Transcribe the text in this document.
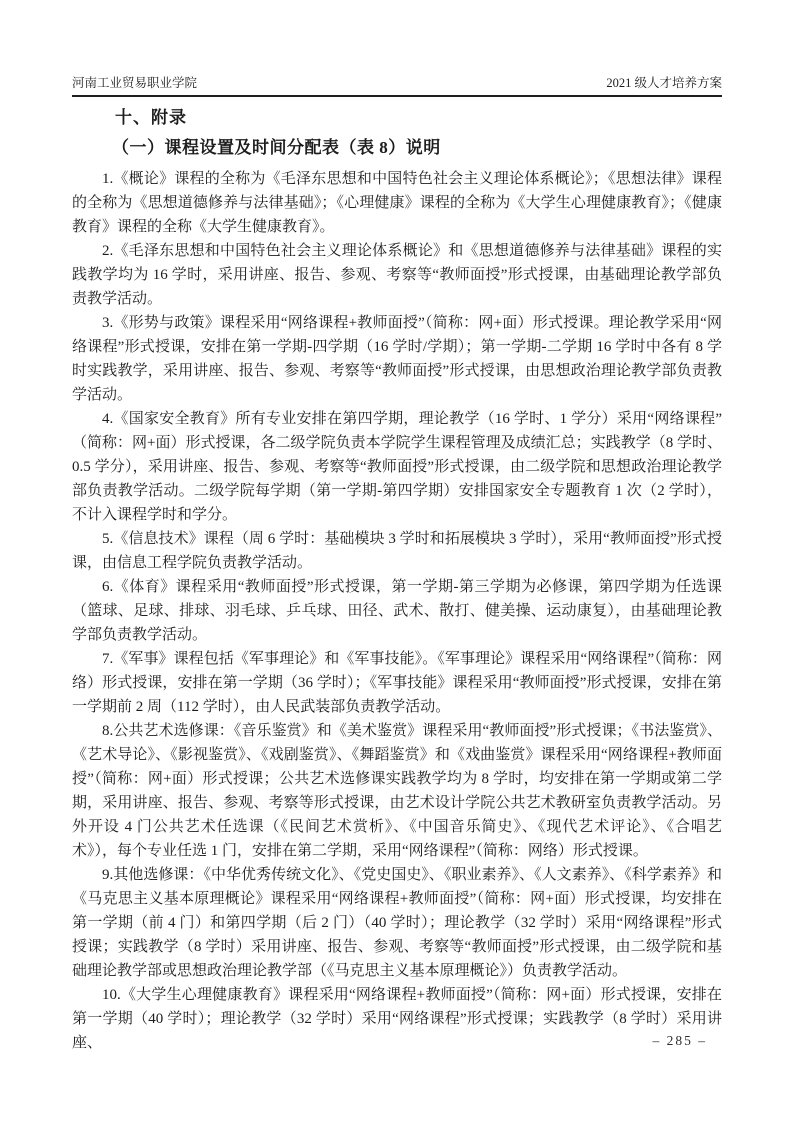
河南工业贸易职业学院	2021 级人才培养方案
十、附录
（一）课程设置及时间分配表（表 8）说明

1.《概论》课程的全称为《毛泽东思想和中国特色社会主义理论体系概论》；《思想法律》课程的全称为《思想道德修养与法律基础》；《心理健康》课程的全称为《大学生心理健康教育》；《健康教育》课程的全称《大学生健康教育》。

2.《毛泽东思想和中国特色社会主义理论体系概论》和《思想道德修养与法律基础》课程的实践教学均为 16 学时，采用讲座、报告、参观、考察等“教师面授”形式授课，由基础理论教学部负责教学活动。

3.《形势与政策》课程采用“网络课程+教师面授”（简称：网+面）形式授课。理论教学采用“网络课程”形式授课，安排在第一学期-四学期（16 学时/学期）；第一学期-二学期 16 学时中各有 8 学时实践教学，采用讲座、报告、参观、考察等“教师面授”形式授课，由思想政治理论教学部负责教学活动。

4.《国家安全教育》所有专业安排在第四学期，理论教学（16 学时、1 学分）采用“网络课程”（简称：网+面）形式授课，各二级学院负责本学院学生课程管理及成绩汇总；实践教学（8 学时、0.5 学分），采用讲座、报告、参观、考察等“教师面授”形式授课，由二级学院和思想政治理论教学部负责教学活动。二级学院每学期（第一学期-第四学期）安排国家安全专题教育 1 次（2 学时），不计入课程学时和学分。

5.《信息技术》课程（周 6 学时：基础模块 3 学时和拓展模块 3 学时），采用“教师面授”形式授课，由信息工程学院负责教学活动。

6.《体育》课程采用“教师面授”形式授课，第一学期-第三学期为必修课，第四学期为任选课（篮球、足球、排球、羽毛球、乒乓球、田径、武术、散打、健美操、运动康复），由基础理论教学部负责教学活动。

7.《军事》课程包括《军事理论》和《军事技能》。《军事理论》课程采用“网络课程”（简称：网络）形式授课，安排在第一学期（36 学时）；《军事技能》课程采用“教师面授”形式授课，安排在第一学期前 2 周（112 学时），由人民武装部负责教学活动。

8.公共艺术选修课：《音乐鉴赏》和《美术鉴赏》课程采用“教师面授”形式授课；《书法鉴赏》、《艺术导论》、《影视鉴赏》、《戏剧鉴赏》、《舞蹈鉴赏》和《戏曲鉴赏》课程采用“网络课程+教师面授”（简称：网+面）形式授课；公共艺术选修课实践教学均为 8 学时，均安排在第一学期或第二学期，采用讲座、报告、参观、考察等形式授课，由艺术设计学院公共艺术教研室负责教学活动。另外开设 4 门公共艺术任选课（《民间艺术赏析》、《中国音乐简史》、《现代艺术评论》、《合唱艺术》），每个专业任选 1 门，安排在第二学期，采用“网络课程”（简称：网络）形式授课。

9.其他选修课：《中华优秀传统文化》、《党史国史》、《职业素养》、《人文素养》、《科学素养》和《马克思主义基本原理概论》课程采用“网络课程+教师面授”（简称：网+面）形式授课，均安排在第一学期（前 4 门）和第四学期（后 2 门）（40 学时）；理论教学（32 学时）采用“网络课程”形式授课；实践教学（8 学时）采用讲座、报告、参观、考察等“教师面授”形式授课，由二级学院和基础理论教学部或思想政治理论教学部（《马克思主义基本原理概论》）负责教学活动。

10.《大学生心理健康教育》课程采用“网络课程+教师面授”（简称：网+面）形式授课，安排在第一学期（40 学时）；理论教学（32 学时）采用“网络课程”形式授课；实践教学（8 学时）采用讲座、	– 285 –
